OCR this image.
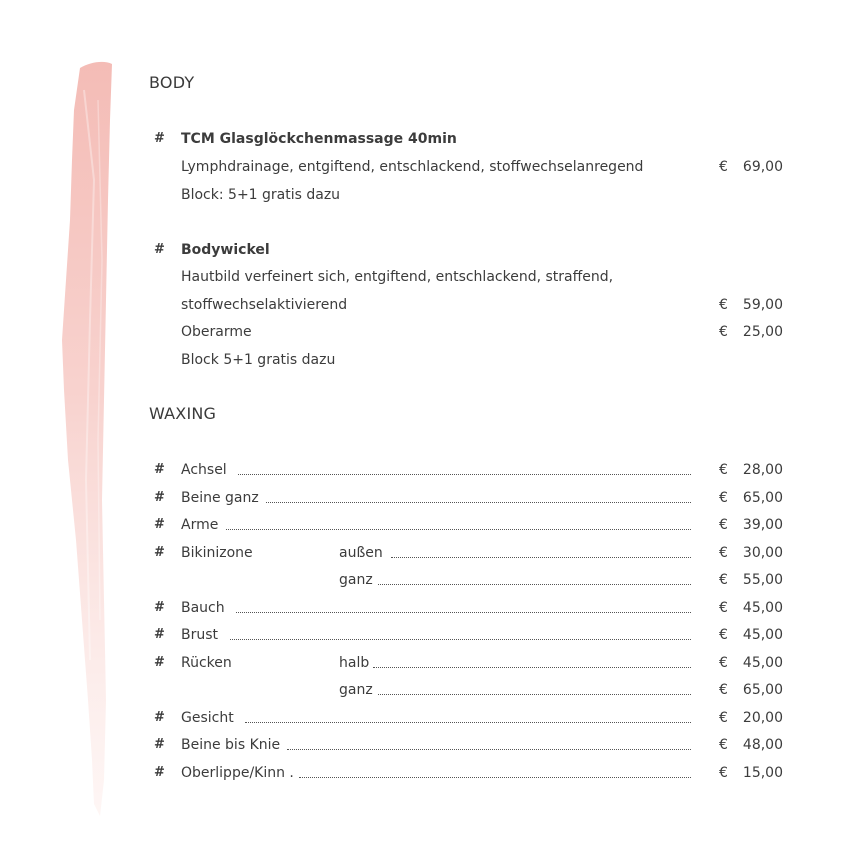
BODY
# TCM Glasglöckchenmassage 40min
Lymphdrainage, entgiftend, entschlackend, stoffwechselanregend	€ 69,00
Block: 5+1 gratis dazu
# Bodywickel
Hautbild verfeinert sich, entgiftend, entschlackend, straffend,
stoffwechselaktivierend	€ 59,00
Oberarme	€ 25,00
Block 5+1 gratis dazu
WAXING
# Achsel	€ 28,00
# Beine ganz	€ 65,00
# Arme	€ 39,00
# Bikinizone	außen	€ 30,00
ganz	€ 55,00
# Bauch	€ 45,00
# Brust	€ 45,00
# Rücken	halb	€ 45,00
ganz	€ 65,00
# Gesicht	€ 20,00
# Beine bis Knie	€ 48,00
# Oberlippe/Kinn .	€ 15,00
